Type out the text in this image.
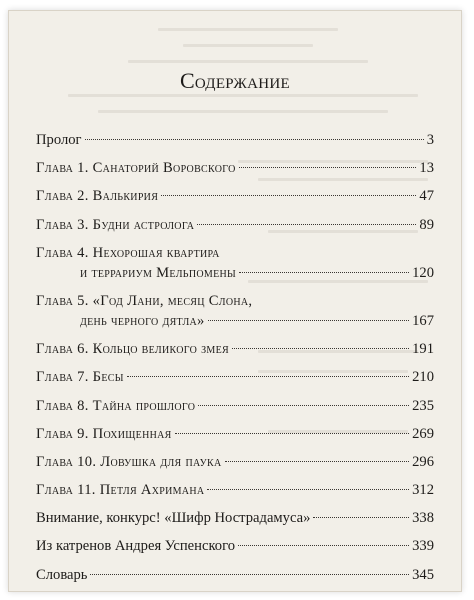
Содержание
Пролог	3
Глава 1. Санаторий Воровского	13
Глава 2. Валькирия	47
Глава 3. Будни астролога	89
Глава 4. Нехорошая квартира
и террариум Мельпомены	120
Глава 5. «Год Лани, месяц Слона,
день черного дятла»	167
Глава 6. Кольцо великого змея	191
Глава 7. Бесы	210
Глава 8. Тайна прошлого	235
Глава 9. Похищенная	269
Глава 10. Ловушка для паука	296
Глава 11. Петля Ахримана	312
Внимание, конкурс! «Шифр Нострадамуса»	338
Из катренов Андрея Успенского	339
Словарь	345
